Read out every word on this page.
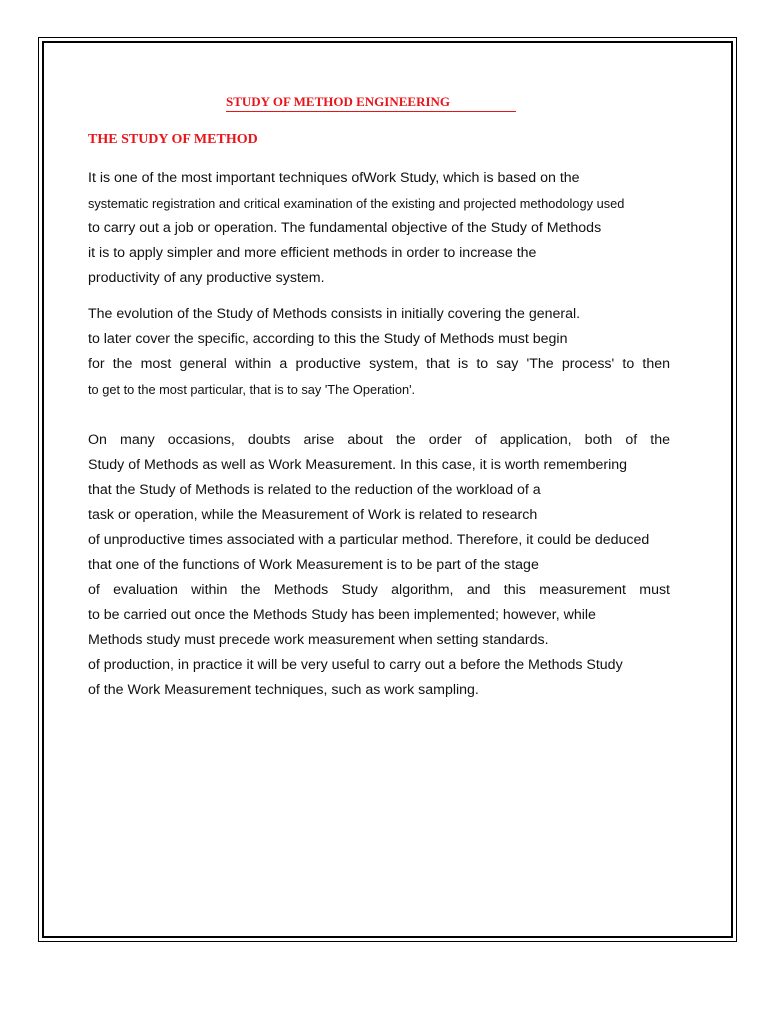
STUDY OF METHOD ENGINEERING
THE STUDY OF METHOD
It is one of the most important techniques ofWork Study, which is based on the
systematic registration and critical examination of the existing and projected methodology used
to carry out a job or operation. The fundamental objective of the Study of Methods
it is to apply simpler and more efficient methods in order to increase the
productivity of any productive system.
The evolution of the Study of Methods consists in initially covering the general.
to later cover the specific, according to this the Study of Methods must begin
for the most general within a productive system, that is to say 'The process' to then
to get to the most particular, that is to say 'The Operation'.
On many occasions, doubts arise about the order of application, both of the
Study of Methods as well as Work Measurement. In this case, it is worth remembering
that the Study of Methods is related to the reduction of the workload of a
task or operation, while the Measurement of Work is related to research
of unproductive times associated with a particular method. Therefore, it could be deduced
that one of the functions of Work Measurement is to be part of the stage
of evaluation within the Methods Study algorithm, and this measurement must
to be carried out once the Methods Study has been implemented; however, while
Methods study must precede work measurement when setting standards.
of production, in practice it will be very useful to carry out a before the Methods Study
of the Work Measurement techniques, such as work sampling.
